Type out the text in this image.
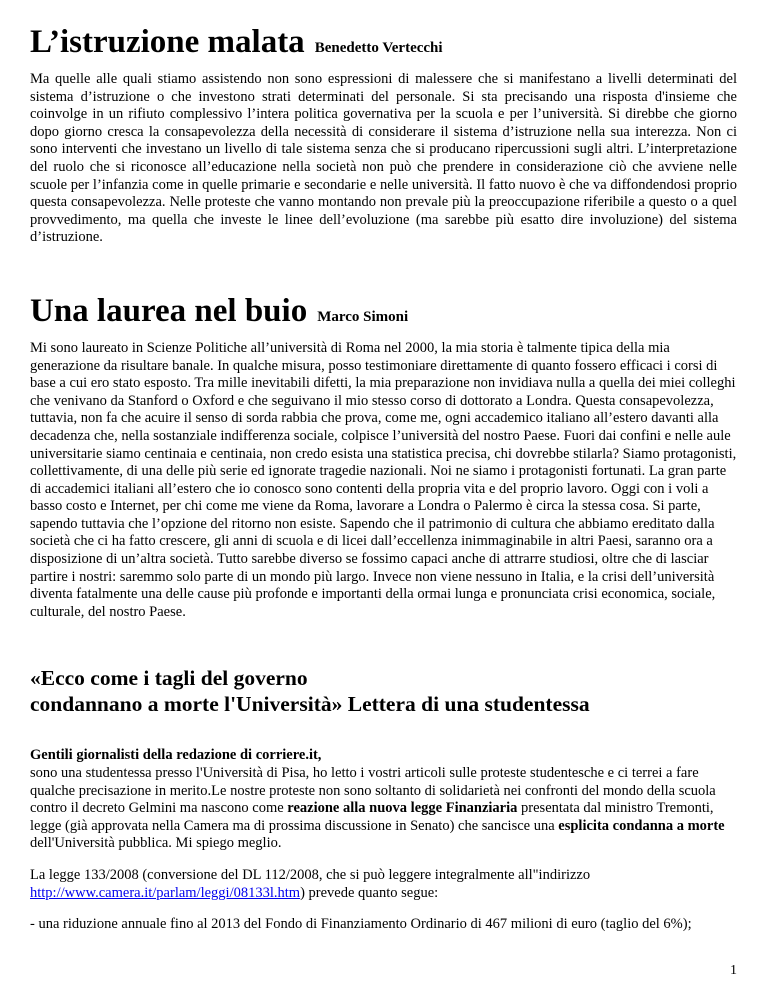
L’istruzione malata Benedetto Vertecchi

Ma quelle alle quali stiamo assistendo non sono espressioni di malessere che si manifestano a livelli determinati del sistema d’istruzione o che investono strati determinati del personale. Si sta precisando una risposta d'insieme che coinvolge in un rifiuto complessivo l’intera politica governativa per la scuola e per l’università. Si direbbe che giorno dopo giorno cresca la consapevolezza della necessità di considerare il sistema d’istruzione nella sua interezza. Non ci sono interventi che investano un livello di tale sistema senza che si producano ripercussioni sugli altri. L’interpretazione del ruolo che si riconosce all’educazione nella società non può che prendere in considerazione ciò che avviene nelle scuole per l’infanzia come in quelle primarie e secondarie e nelle università. Il fatto nuovo è che va diffondendosi proprio questa consapevolezza. Nelle proteste che vanno montando non prevale più la preoccupazione riferibile a questo o a quel provvedimento, ma quella che investe le linee dell’evoluzione (ma sarebbe più esatto dire involuzione) del sistema d’istruzione.

Una laurea nel buio Marco Simoni

Mi sono laureato in Scienze Politiche all’università di Roma nel 2000, la mia storia è talmente tipica della mia generazione da risultare banale. In qualche misura, posso testimoniare direttamente di quanto fossero efficaci i corsi di base a cui ero stato esposto. Tra mille inevitabili difetti, la mia preparazione non invidiava nulla a quella dei miei colleghi che venivano da Stanford o Oxford e che seguivano il mio stesso corso di dottorato a Londra. Questa consapevolezza, tuttavia, non fa che acuire il senso di sorda rabbia che prova, come me, ogni accademico italiano all’estero davanti alla decadenza che, nella sostanziale indifferenza sociale, colpisce l’università del nostro Paese. Fuori dai confini e nelle aule universitarie siamo centinaia e centinaia, non credo esista una statistica precisa, chi dovrebbe stilarla? Siamo protagonisti, collettivamente, di una delle più serie ed ignorate tragedie nazionali. Noi ne siamo i protagonisti fortunati. La gran parte di accademici italiani all’estero che io conosco sono contenti della propria vita e del proprio lavoro. Oggi con i voli a basso costo e Internet, per chi come me viene da Roma, lavorare a Londra o Palermo è circa la stessa cosa. Si parte, sapendo tuttavia che l’opzione del ritorno non esiste. Sapendo che il patrimonio di cultura che abbiamo ereditato dalla società che ci ha fatto crescere, gli anni di scuola e di licei dall’eccellenza inimmaginabile in altri Paesi, saranno ora a disposizione di un’altra società. Tutto sarebbe diverso se fossimo capaci anche di attrarre studiosi, oltre che di lasciar partire i nostri: saremmo solo parte di un mondo più largo. Invece non viene nessuno in Italia, e la crisi dell’università diventa fatalmente una delle cause più profonde e importanti della ormai lunga e pronunciata crisi economica, sociale, culturale, del nostro Paese.

«Ecco come i tagli del governo
condannano a morte l'Università» Lettera di una studentessa

Gentili giornalisti della redazione di corriere.it,
sono una studentessa presso l'Università di Pisa, ho letto i vostri articoli sulle proteste studentesche e ci terrei a fare qualche precisazione in merito.Le nostre proteste non sono soltanto di solidarietà nei confronti del mondo della scuola contro il decreto Gelmini ma nascono come reazione alla nuova legge Finanziaria presentata dal ministro Tremonti, legge (già approvata nella Camera ma di prossima discussione in Senato) che sancisce una esplicita condanna a morte dell'Università pubblica. Mi spiego meglio.

La legge 133/2008 (conversione del DL 112/2008, che si può leggere integralmente all"indirizzo http://www.camera.it/parlam/leggi/08133l.htm) prevede quanto segue:

- una riduzione annuale fino al 2013 del Fondo di Finanziamento Ordinario di 467 milioni di euro (taglio del 6%);

1
